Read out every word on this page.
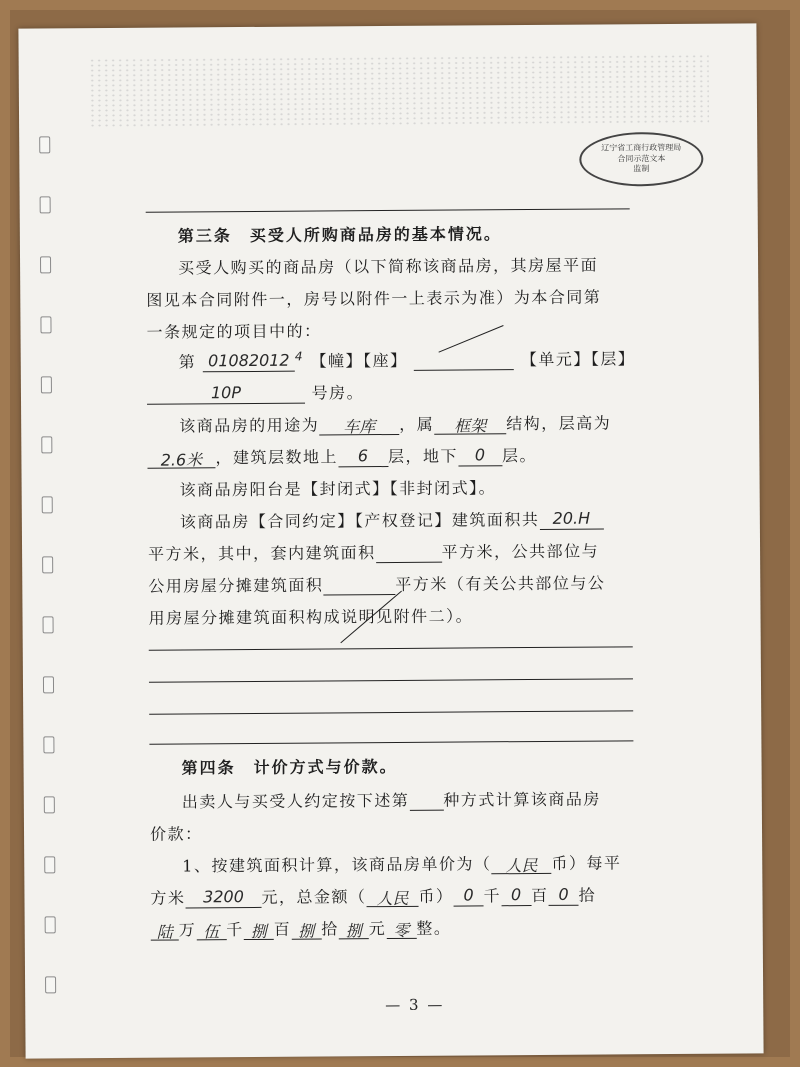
辽宁省工商行政管理局
合同示范文本
监制
第三条　买受人所购商品房的基本情况。
买受人购买的商品房（以下简称该商品房，其房屋平面
图见本合同附件一，房号以附件一上表示为准）为本合同第
一条规定的项目中的：
第 01082012 $^4$ 【幢】【座】	【单元】【层】
10P	号房。
该商品房的用途为 车库 ，属 框架 结构，层高为
2.6米 ，建筑层数地上 6 层，地下 0 层。
该商品房阳台是【封闭式】【非封闭式】。
该商品房【合同约定】【产权登记】建筑面积共 20.H
平方米，其中，套内建筑面积	平方米，公共部位与
公用房屋分摊建筑面积	平方米（有关公共部位与公
用房屋分摊建筑面积构成说明见附件二）。
第四条　计价方式与价款。
出卖人与买受人约定按下述第 种方式计算该商品房
价款：
1、按建筑面积计算，该商品房单价为（ 人民 币）每平
方米 3200 元，总金额（ 人民 币） 0 千 0 百 0 拾
陆 万 伍 千 捌 百 捌 拾 捌 元 零 整。
— 3 —
